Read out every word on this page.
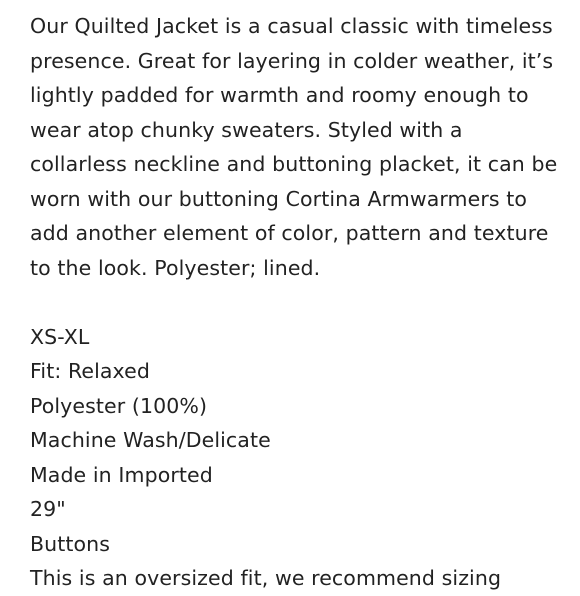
Our Quilted Jacket is a casual classic with timeless
presence. Great for layering in colder weather, it’s
lightly padded for warmth and roomy enough to
wear atop chunky sweaters. Styled with a
collarless neckline and buttoning placket, it can be
worn with our buttoning Cortina Armwarmers to
add another element of color, pattern and texture
to the look. Polyester; lined.
XS-XL
Fit: Relaxed
Polyester (100%)
Machine Wash/Delicate
Made in Imported
29"
Buttons
This is an oversized fit, we recommend sizing
